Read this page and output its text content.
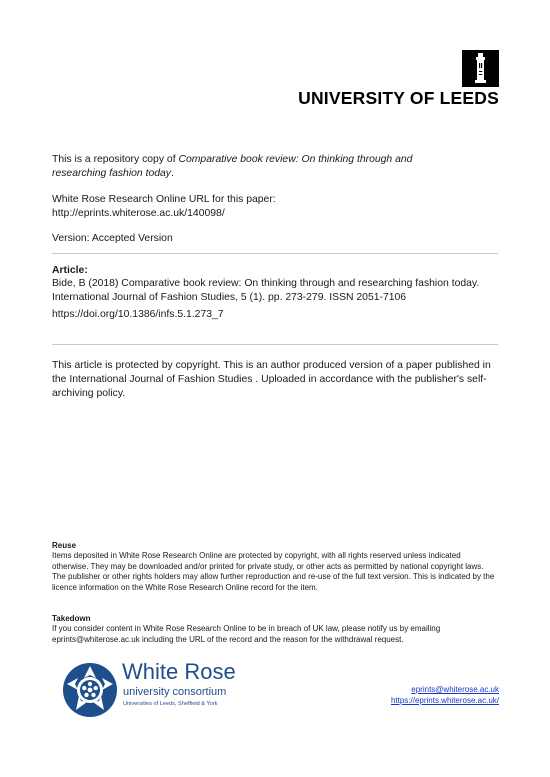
UNIVERSITY OF LEEDS
This is a repository copy of Comparative book review: On thinking through and researching fashion today.
White Rose Research Online URL for this paper:
http://eprints.whiterose.ac.uk/140098/
Version: Accepted Version
Article:
Bide, B (2018) Comparative book review: On thinking through and researching fashion today. International Journal of Fashion Studies, 5 (1). pp. 273-279. ISSN 2051-7106
https://doi.org/10.1386/infs.5.1.273_7
This article is protected by copyright. This is an author produced version of a paper published in the International Journal of Fashion Studies . Uploaded in accordance with the publisher's self-archiving policy.
Reuse
Items deposited in White Rose Research Online are protected by copyright, with all rights reserved unless indicated otherwise. They may be downloaded and/or printed for private study, or other acts as permitted by national copyright laws. The publisher or other rights holders may allow further reproduction and re-use of the full text version. This is indicated by the licence information on the White Rose Research Online record for the item.
Takedown
If you consider content in White Rose Research Online to be in breach of UK law, please notify us by emailing eprints@whiterose.ac.uk including the URL of the record and the reason for the withdrawal request.
White Rose
university consortium
Universities of Leeds, Sheffield & York
eprints@whiterose.ac.uk
https://eprints.whiterose.ac.uk/
